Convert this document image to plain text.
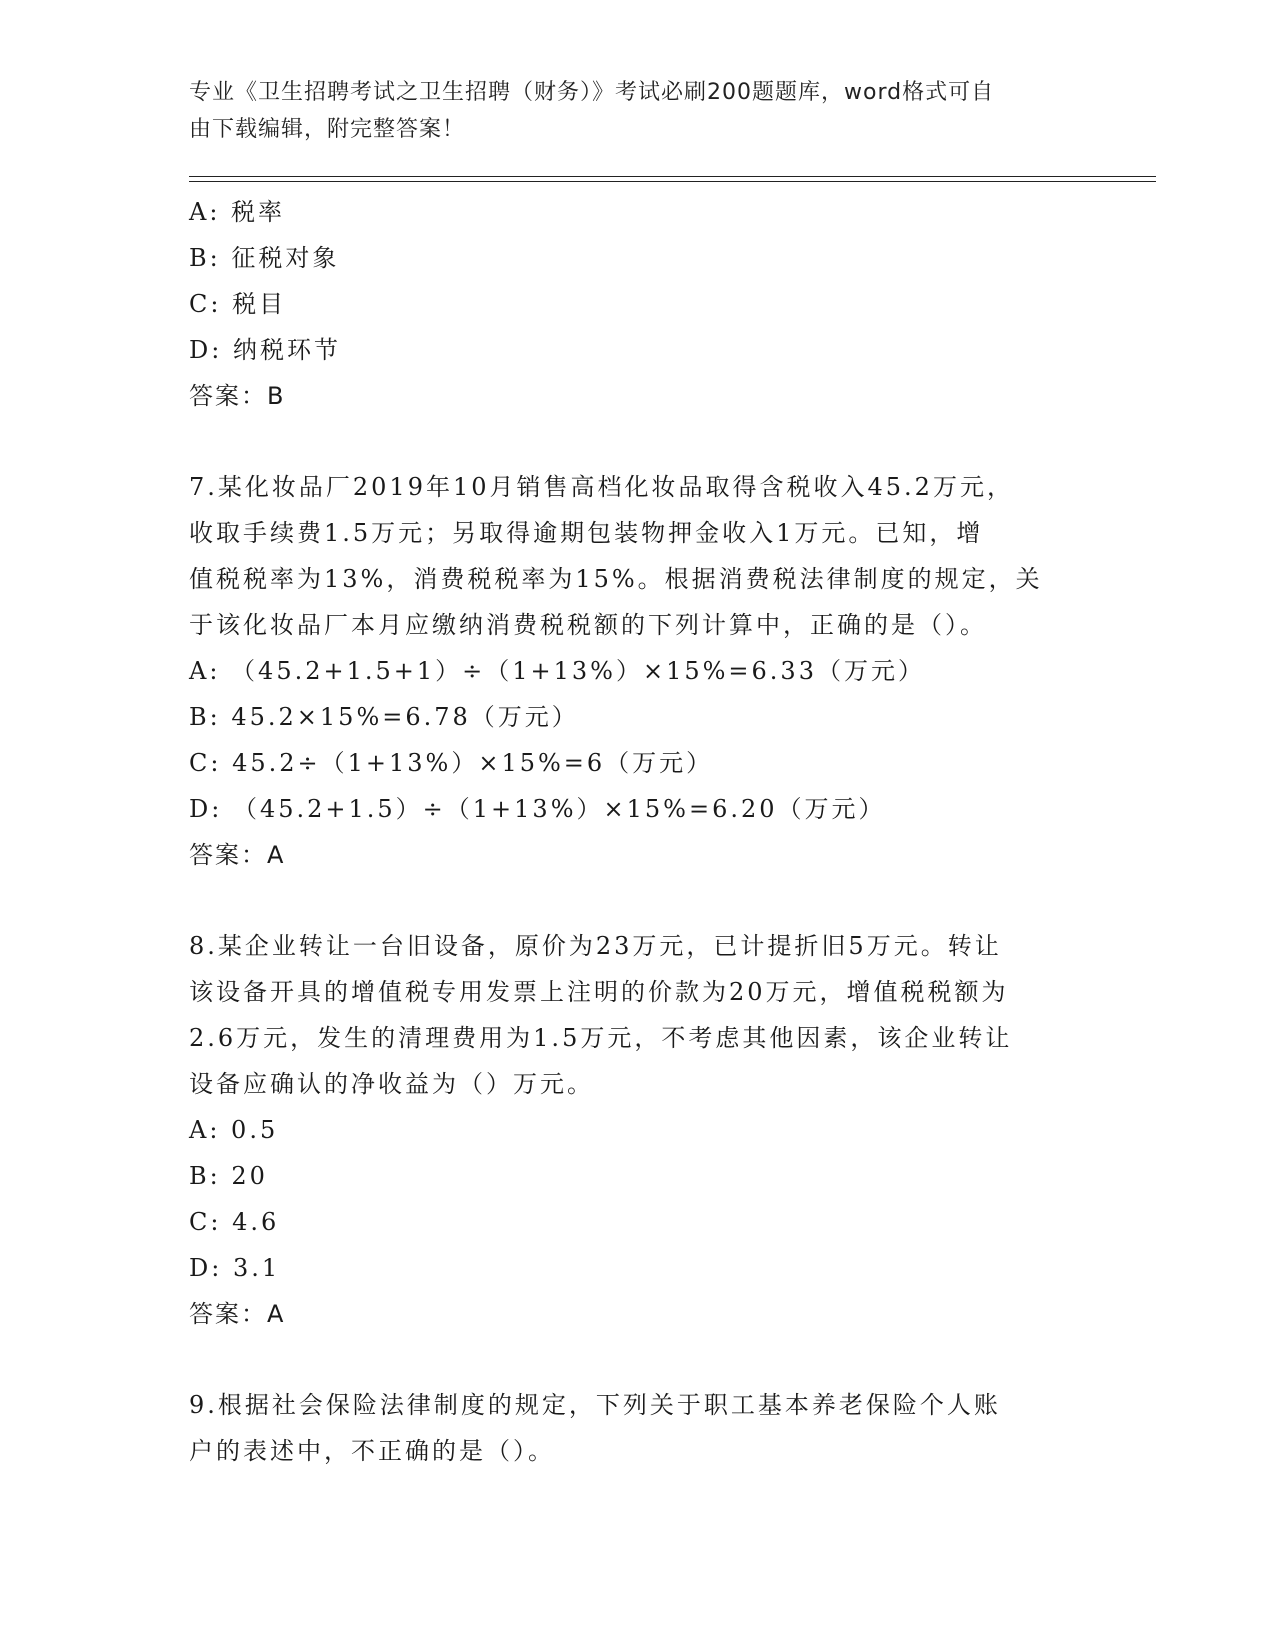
专业《卫生招聘考试之卫生招聘（财务）》考试必刷200题题库，word格式可自
由下载编辑，附完整答案！
A: 税率
B: 征税对象
C: 税目
D: 纳税环节
答案：B
7.某化妆品厂2019年10月销售高档化妆品取得含税收入45.2万元，
收取手续费1.5万元；另取得逾期包装物押金收入1万元。已知，增
值税税率为13%，消费税税率为15%。根据消费税法律制度的规定，关
于该化妆品厂本月应缴纳消费税税额的下列计算中，正确的是（）。
A: （45.2+1.5+1）÷（1+13%）×15%=6.33（万元）
B: 45.2×15%=6.78（万元）
C: 45.2÷（1+13%）×15%=6（万元）
D: （45.2+1.5）÷（1+13%）×15%=6.20（万元）
答案：A
8.某企业转让一台旧设备，原价为23万元，已计提折旧5万元。转让
该设备开具的增值税专用发票上注明的价款为20万元，增值税税额为
2.6万元，发生的清理费用为1.5万元，不考虑其他因素，该企业转让
设备应确认的净收益为（）万元。
A: 0.5
B: 20
C: 4.6
D: 3.1
答案：A
9.根据社会保险法律制度的规定，下列关于职工基本养老保险个人账
户的表述中，不正确的是（）。
